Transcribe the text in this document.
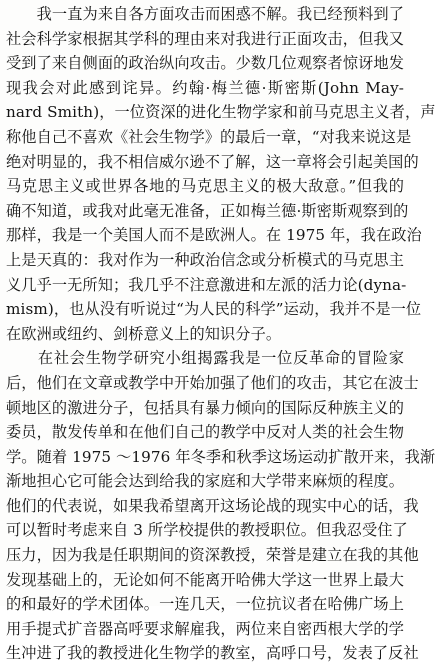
　　我一直为来自各方面攻击而困惑不解。我已经预料到了
社会科学家根据其学科的理由来对我进行正面攻击，但我又
受到了来自侧面的政治纵向攻击。少数几位观察者惊讶地发
现我会对此感到诧异。约翰·梅兰德·斯密斯(John May-
nard Smith)，一位资深的进化生物学家和前马克思主义者，声
称他自己不喜欢《社会生物学》的最后一章，“对我来说这是
绝对明显的，我不相信威尔逊不了解，这一章将会引起美国的
马克思主义或世界各地的马克思主义的极大敌意。”但我的
确不知道，或我对此毫无准备，正如梅兰德·斯密斯观察到的
那样，我是一个美国人而不是欧洲人。在 1975 年，我在政治
上是天真的：我对作为一种政治信念或分析模式的马克思主
义几乎一无所知；我几乎不注意激进和左派的活力论(dyna-
mism)，也从没有听说过“为人民的科学”运动，我并不是一位
在欧洲或纽约、剑桥意义上的知识分子。
　　在社会生物学研究小组揭露我是一位反革命的冒险家
后，他们在文章或教学中开始加强了他们的攻击，其它在波士
顿地区的激进分子，包括具有暴力倾向的国际反种族主义的
委员，散发传单和在他们自己的教学中反对人类的社会生物
学。随着 1975 ～1976 年冬季和秋季这场运动扩散开来，我渐
渐地担心它可能会达到给我的家庭和大学带来麻烦的程度。
他们的代表说，如果我希望离开这场论战的现实中心的话，我
可以暂时考虑来自 3 所学校提供的教授职位。但我忍受住了
压力，因为我是任职期间的资深教授，荣誉是建立在我的其他
发现基础上的，无论如何不能离开哈佛大学这一世界上最大
的和最好的学术团体。一连几天，一位抗议者在哈佛广场上
用手提式扩音器高呼要求解雇我，两位来自密西根大学的学
生冲进了我的教授进化生物学的教室，高呼口号，发表了反社
